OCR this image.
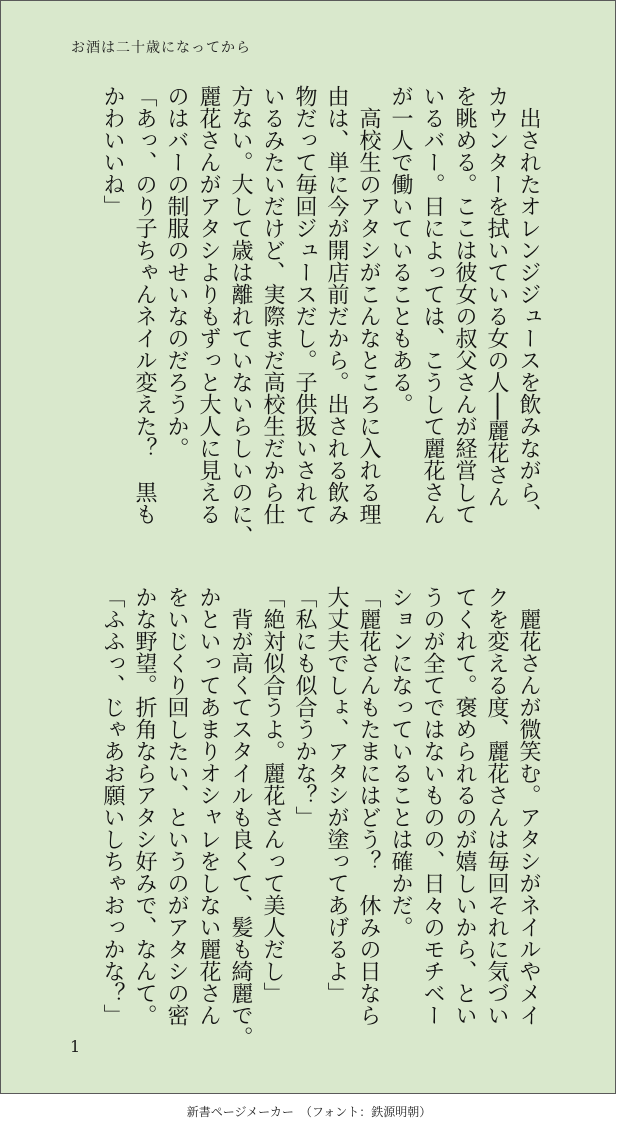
お酒は二十歳になってから
　出されたオレンジジュースを飲みながら、
カウンターを拭いている女の人──麗花さん
を眺める。ここは彼女の叔父さんが経営して
いるバー。日によっては、こうして麗花さん
が一人で働いていることもある。
　高校生のアタシがこんなところに入れる理
由は、単に今が開店前だから。出される飲み
物だって毎回ジュースだし。子供扱いされて
いるみたいだけど、実際まだ高校生だから仕
方ない。大して歳は離れていないらしいのに、
麗花さんがアタシよりもずっと大人に見える
のはバーの制服のせいなのだろうか。
「あっ、のり子ちゃんネイル変えた？　黒も
かわいいね」
　麗花さんが微笑む。アタシがネイルやメイ
クを変える度、麗花さんは毎回それに気づい
てくれて。褒められるのが嬉しいから、とい
うのが全てではないものの、日々のモチベー
ションになっていることは確かだ。
「麗花さんもたまにはどう？　休みの日なら
大丈夫でしょ、アタシが塗ってあげるよ」
「私にも似合うかな？」
「絶対似合うよ。麗花さんって美人だし」
　背が高くてスタイルも良くて、髪も綺麗で。
かといってあまりオシャレをしない麗花さん
をいじくり回したい、というのがアタシの密
かな野望。折角ならアタシ好みで、なんて。
「ふふっ、じゃあお願いしちゃおっかな？」
1
新書ページメーカー　（フォント：鉄源明朝）
